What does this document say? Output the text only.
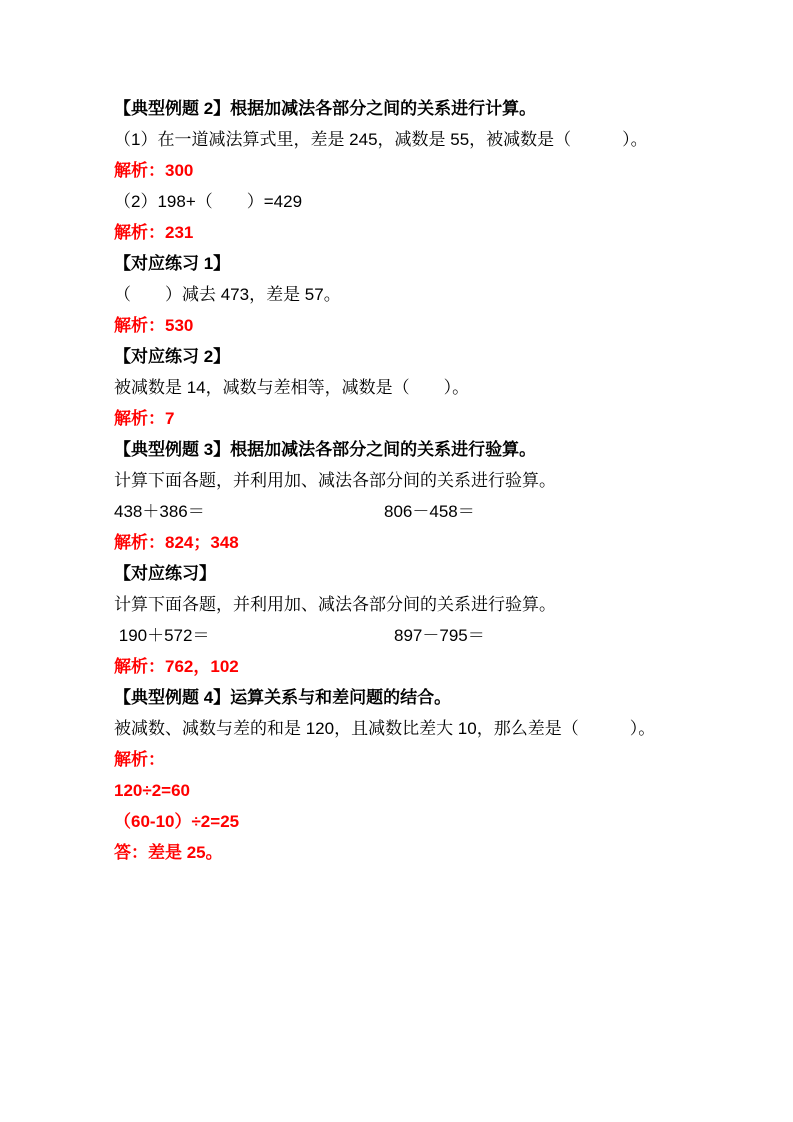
【典型例题 2】根据加减法各部分之间的关系进行计算。

（1）在一道减法算式里，差是 245，减数是 55，被减数是（　　　）。

解析：300

（2）198+（　　）=429

解析：231

【对应练习 1】

（　　）减去 473，差是 57。

解析：530

【对应练习 2】

被减数是 14，减数与差相等，减数是（　　）。

解析：7

【典型例题 3】根据加减法各部分之间的关系进行验算。

计算下面各题，并利用加、减法各部分间的关系进行验算。

438＋386＝	806－458＝

解析：824；348

【对应练习】

计算下面各题，并利用加、减法各部分间的关系进行验算。

190＋572＝	897－795＝

解析：762，102

【典型例题 4】运算关系与和差问题的结合。

被减数、减数与差的和是 120，且减数比差大 10，那么差是（　　　）。

解析：

120÷2=60

（60-10）÷2=25

答：差是 25。
